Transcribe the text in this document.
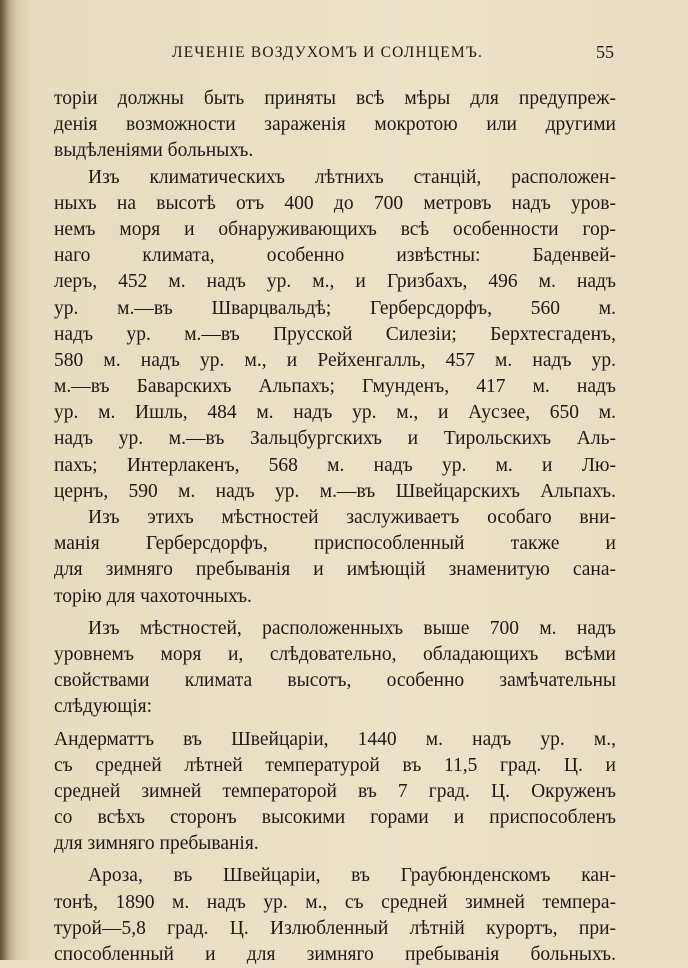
ЛЕЧЕНІЕ ВОЗДУХОМЪ И СОЛНЦЕМЪ.	55
торіи должны быть приняты всѣ мѣры для предупреж-
денія возможности зараженія мокротою или другими
выдѣленіями больныхъ.
Изъ климатическихъ лѣтнихъ станцій, расположен-
ныхъ на высотѣ отъ 400 до 700 метровъ надъ уров-
немъ моря и обнаруживающихъ всѣ особенности гор-
наго климата, особенно извѣстны: Баденвей-
леръ, 452 м. надъ ур. м., и Гризбахъ, 496 м. надъ
ур. м.—въ Шварцвальдѣ; Герберсдорфъ, 560 м.
надъ ур. м.—въ Прусской Силезіи; Берхтесгаденъ,
580 м. надъ ур. м., и Рейхенгалль, 457 м. надъ ур.
м.—въ Баварскихъ Альпахъ; Гмунденъ, 417 м. надъ
ур. м. Ишль, 484 м. надъ ур. м., и Аусзее, 650 м.
надъ ур. м.—въ Зальцбургскихъ и Тирольскихъ Аль-
пахъ; Интерлакенъ, 568 м. надъ ур. м. и Лю-
цернъ, 590 м. надъ ур. м.—въ Швейцарскихъ Альпахъ.
Изъ этихъ мѣстностей заслуживаетъ особаго вни-
манія Герберсдорфъ, приспособленный также и
для зимняго пребыванія и имѣющій знаменитую сана-
торію для чахоточныхъ.
Изъ мѣстностей, расположенныхъ выше 700 м. надъ
уровнемъ моря и, слѣдовательно, обладающихъ всѣми
свойствами климата высотъ, особенно замѣчательны
слѣдующія:
Андерматтъ въ Швейцаріи, 1440 м. надъ ур. м.,
съ средней лѣтней температурой въ 11,5 град. Ц. и
средней зимней температорой въ 7 град. Ц. Окруженъ
со всѣхъ сторонъ высокими горами и приспособленъ
для зимняго пребыванія.
Ароза, въ Швейцаріи, въ Граубюнденскомъ кан-
тонѣ, 1890 м. надъ ур. м., съ средней зимней темпера-
турой—5,8 град. Ц. Излюбленный лѣтній курортъ, при-
способленный и для зимняго пребыванія больныхъ.
